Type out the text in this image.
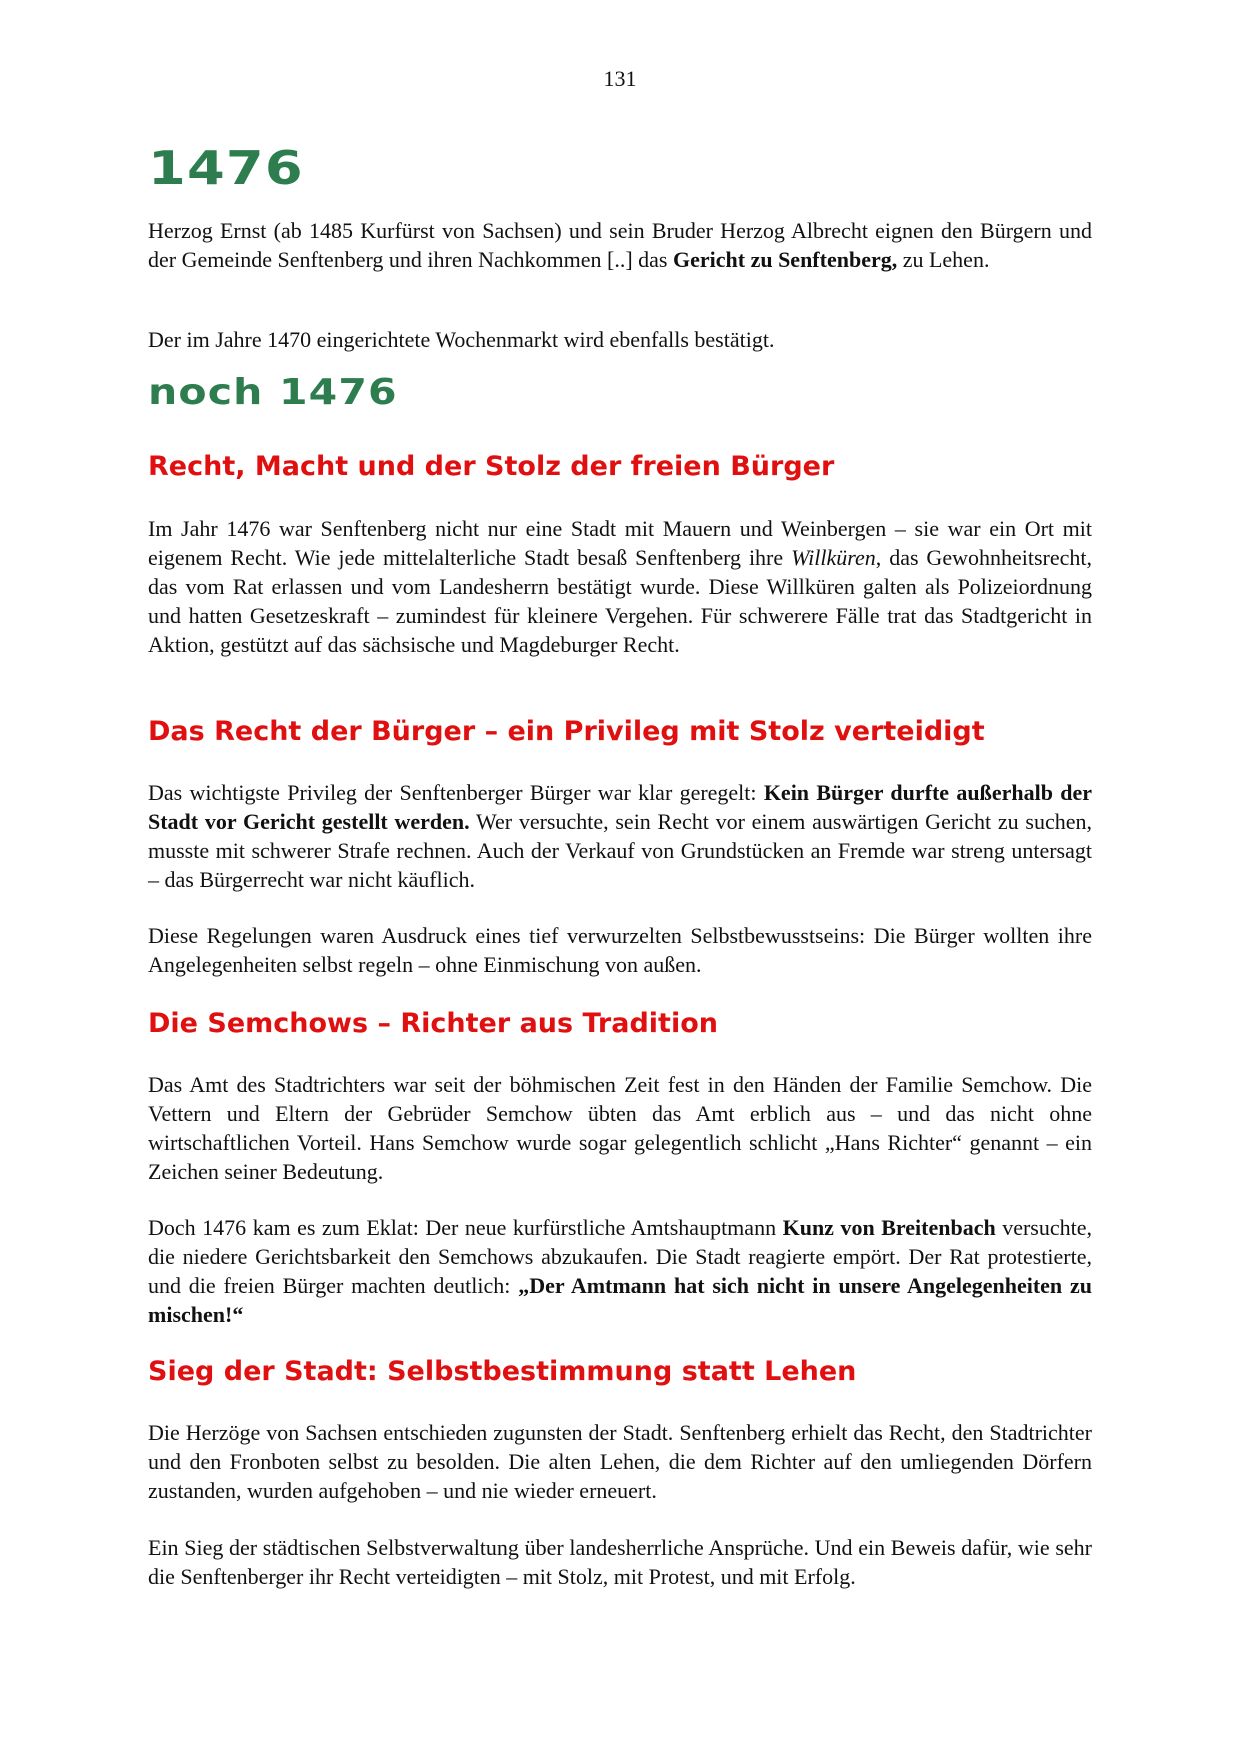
131
1476

Herzog Ernst (ab 1485 Kurfürst von Sachsen) und sein Bruder Herzog Albrecht eignen den Bürgern und der Gemeinde Senftenberg und ihren Nachkommen [..] das Gericht zu Senftenberg, zu Lehen.

Der im Jahre 1470 eingerichtete Wochenmarkt wird ebenfalls bestätigt.

noch 1476
Recht, Macht und der Stolz der freien Bürger

Im Jahr 1476 war Senftenberg nicht nur eine Stadt mit Mauern und Weinbergen – sie war ein Ort mit eigenem Recht. Wie jede mittelalterliche Stadt besaß Senftenberg ihre Willküren, das Gewohnheitsrecht, das vom Rat erlassen und vom Landesherrn bestätigt wurde. Diese Willküren galten als Polizeiordnung und hatten Gesetzeskraft – zumindest für kleinere Vergehen. Für schwerere Fälle trat das Stadtgericht in Aktion, gestützt auf das sächsische und Magdeburger Recht.

Das Recht der Bürger – ein Privileg mit Stolz verteidigt

Das wichtigste Privileg der Senftenberger Bürger war klar geregelt: Kein Bürger durfte außerhalb der Stadt vor Gericht gestellt werden. Wer versuchte, sein Recht vor einem auswärtigen Gericht zu suchen, musste mit schwerer Strafe rechnen. Auch der Verkauf von Grundstücken an Fremde war streng untersagt – das Bürgerrecht war nicht käuflich.

Diese Regelungen waren Ausdruck eines tief verwurzelten Selbstbewusstseins: Die Bürger wollten ihre Angelegenheiten selbst regeln – ohne Einmischung von außen.

Die Semchows – Richter aus Tradition

Das Amt des Stadtrichters war seit der böhmischen Zeit fest in den Händen der Familie Semchow. Die Vettern und Eltern der Gebrüder Semchow übten das Amt erblich aus – und das nicht ohne wirtschaftlichen Vorteil. Hans Semchow wurde sogar gelegentlich schlicht „Hans Richter“ genannt – ein Zeichen seiner Bedeutung.

Doch 1476 kam es zum Eklat: Der neue kurfürstliche Amtshauptmann Kunz von Breitenbach versuchte, die niedere Gerichtsbarkeit den Semchows abzukaufen. Die Stadt reagierte empört. Der Rat protestierte, und die freien Bürger machten deutlich: „Der Amtmann hat sich nicht in unsere Angelegenheiten zu mischen!“

Sieg der Stadt: Selbstbestimmung statt Lehen

Die Herzöge von Sachsen entschieden zugunsten der Stadt. Senftenberg erhielt das Recht, den Stadtrichter und den Fronboten selbst zu besolden. Die alten Lehen, die dem Richter auf den umliegenden Dörfern zustanden, wurden aufgehoben – und nie wieder erneuert.

Ein Sieg der städtischen Selbstverwaltung über landesherrliche Ansprüche. Und ein Beweis dafür, wie sehr die Senftenberger ihr Recht verteidigten – mit Stolz, mit Protest, und mit Erfolg.
